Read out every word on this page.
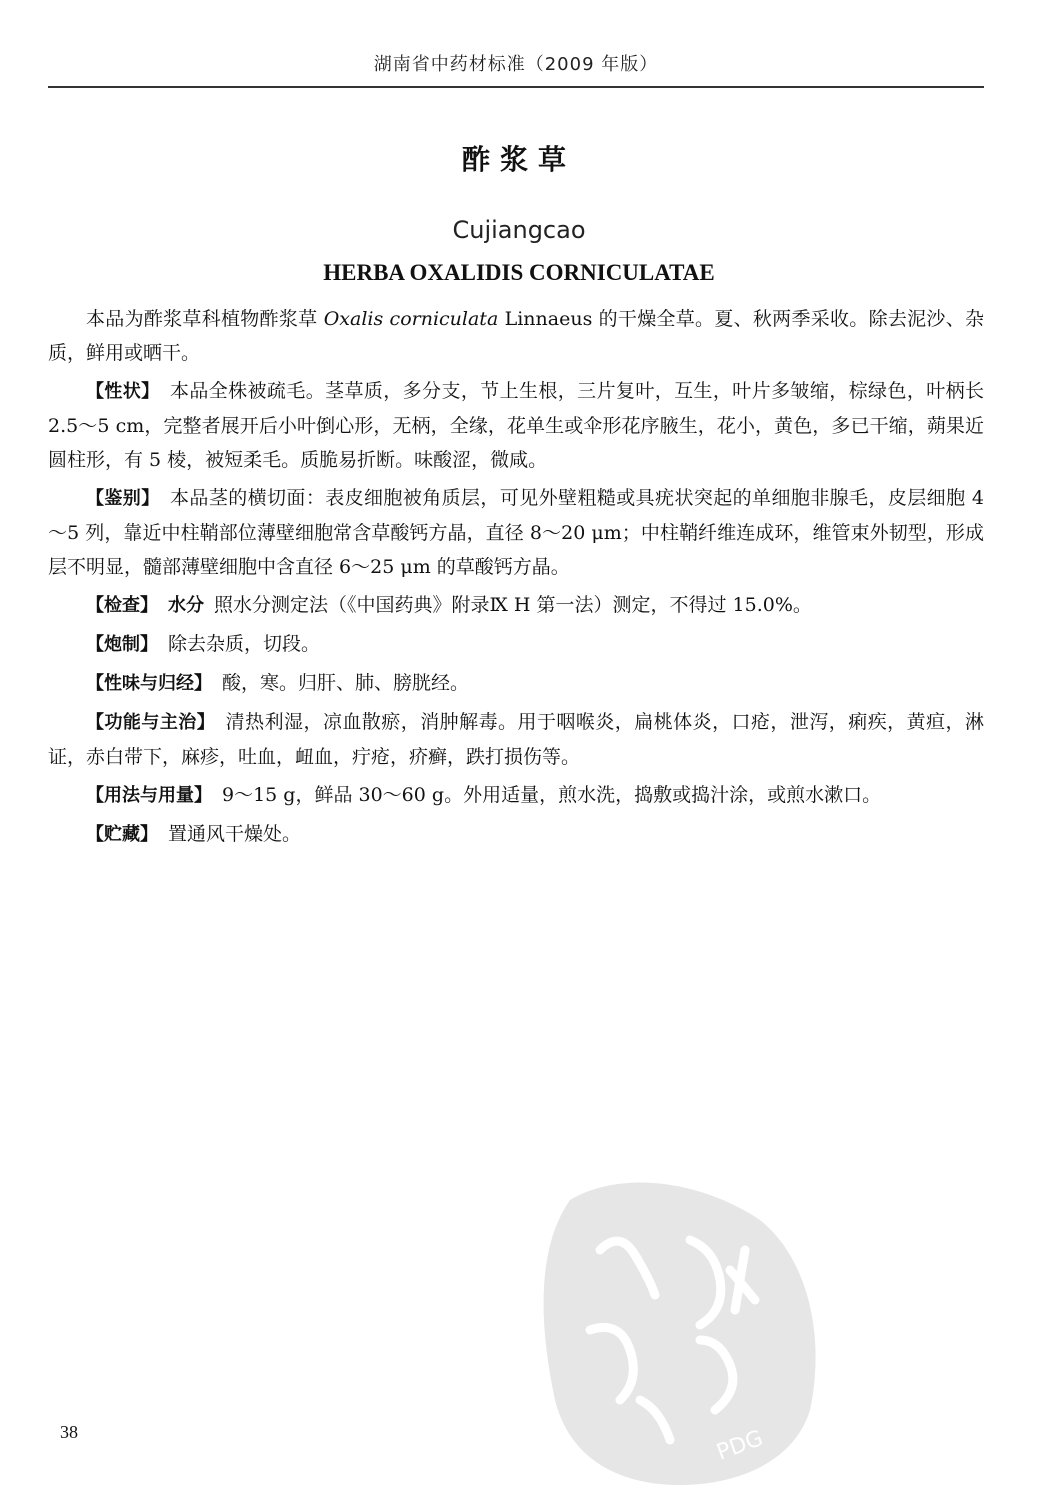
湖南省中药材标准（2009 年版）
酢浆草
Cujiangcao
HERBA OXALIDIS CORNICULATAE

本品为酢浆草科植物酢浆草 Oxalis corniculata Linnaeus 的干燥全草。夏、秋两季采收。除去泥沙、杂质，鲜用或晒干。

【性状】 本品全株被疏毛。茎草质，多分支，节上生根，三片复叶，互生，叶片多皱缩，棕绿色，叶柄长 2.5～5 cm，完整者展开后小叶倒心形，无柄，全缘，花单生或伞形花序腋生，花小，黄色，多已干缩，蒴果近圆柱形，有 5 棱，被短柔毛。质脆易折断。味酸涩，微咸。

【鉴别】 本品茎的横切面：表皮细胞被角质层，可见外壁粗糙或具疣状突起的单细胞非腺毛，皮层细胞 4～5 列，靠近中柱鞘部位薄壁细胞常含草酸钙方晶，直径 8～20 μm；中柱鞘纤维连成环，维管束外韧型，形成层不明显，髓部薄壁细胞中含直径 6～25 μm 的草酸钙方晶。

【检查】 水分 照水分测定法（《中国药典》附录Ⅸ H 第一法）测定，不得过 15.0%。

【炮制】 除去杂质，切段。

【性味与归经】 酸，寒。归肝、肺、膀胱经。

【功能与主治】 清热利湿，凉血散瘀，消肿解毒。用于咽喉炎，扁桃体炎，口疮，泄泻，痢疾，黄疸，淋证，赤白带下，麻疹，吐血，衄血，疔疮，疥癣，跌打损伤等。

【用法与用量】 9～15 g，鲜品 30～60 g。外用适量，煎水洗，捣敷或捣汁涂，或煎水漱口。

【贮藏】 置通风干燥处。

PDG
38
